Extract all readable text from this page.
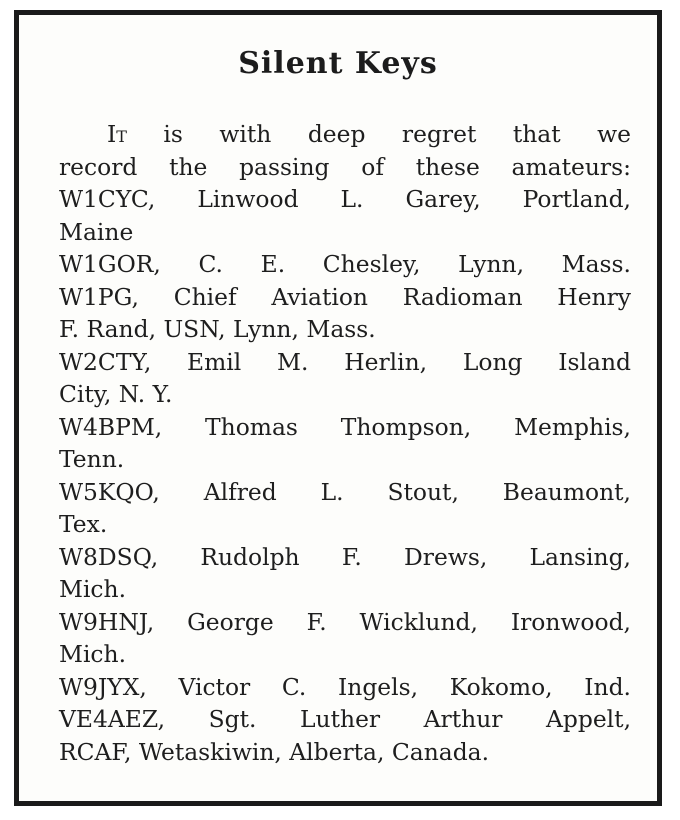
Silent Keys

It is with deep regret that we
record the passing of these amateurs:

W1CYC, Linwood L. Garey, Portland,
Maine
W1GOR, C. E. Chesley, Lynn, Mass.
W1PG, Chief Aviation Radioman Henry
F. Rand, USN, Lynn, Mass.
W2CTY, Emil M. Herlin, Long Island
City, N. Y.
W4BPM, Thomas Thompson, Memphis,
Tenn.
W5KQO, Alfred L. Stout, Beaumont,
Tex.
W8DSQ, Rudolph F. Drews, Lansing,
Mich.
W9HNJ, George F. Wicklund, Ironwood,
Mich.
W9JYX, Victor C. Ingels, Kokomo, Ind.
VE4AEZ, Sgt. Luther Arthur Appelt,
RCAF, Wetaskiwin, Alberta, Canada.
